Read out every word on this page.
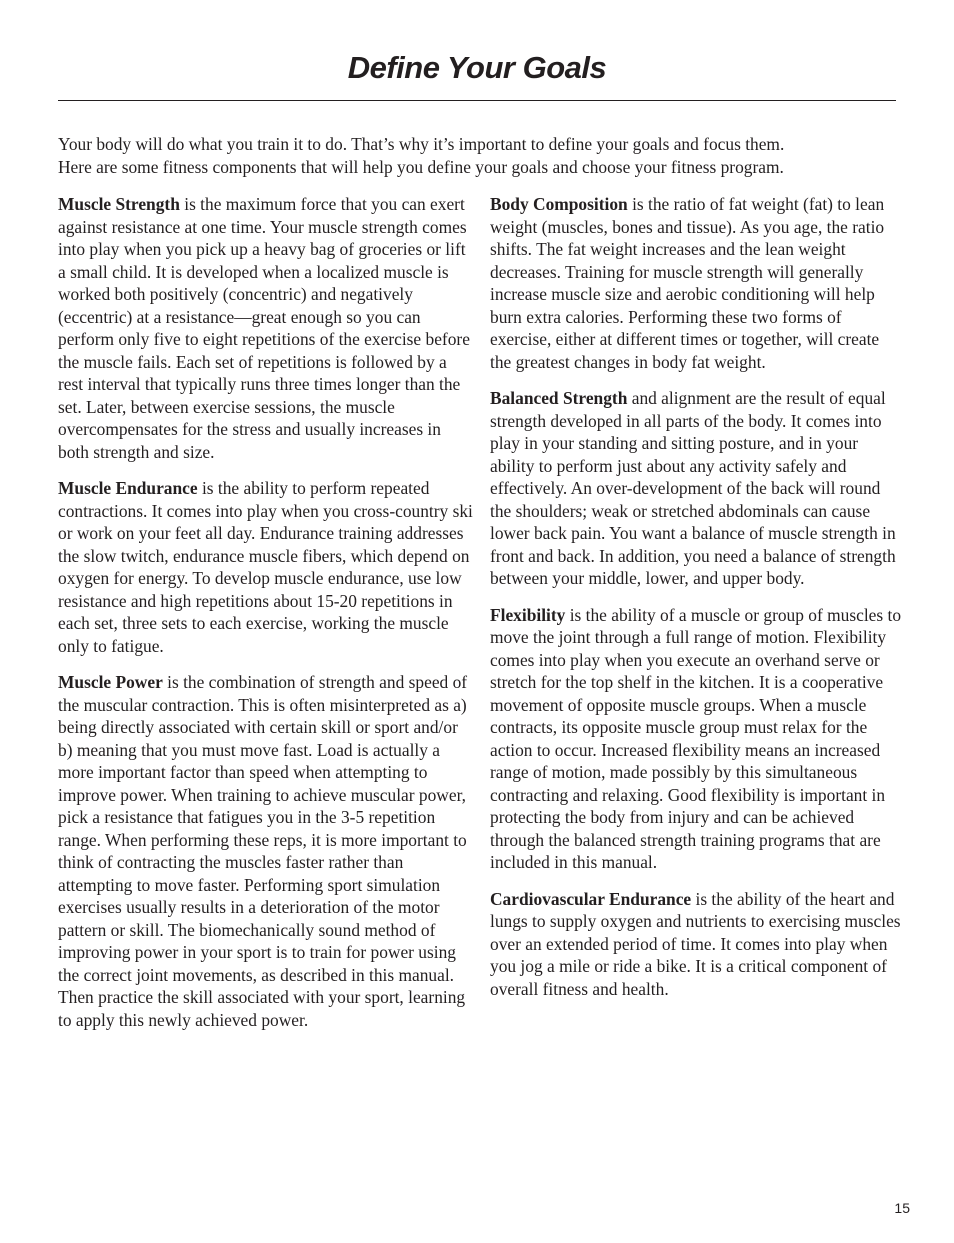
Define Your Goals

Your body will do what you train it to do. That’s why it’s important to define your goals and focus them.
Here are some fitness components that will help you define your goals and choose your fitness program.

Muscle Strength is the maximum force that you can exert against resistance at one time. Your muscle strength comes into play when you pick up a heavy bag of groceries or lift a small child. It is developed when a localized muscle is worked both positively (concentric) and negatively (eccentric) at a resistance—great enough so you can perform only five to eight repetitions of the exercise before the muscle fails. Each set of repetitions is followed by a rest interval that typically runs three times longer than the set. Later, between exercise sessions, the muscle overcompensates for the stress and usually increases in both strength and size.

Muscle Endurance is the ability to perform repeated contractions. It comes into play when you cross-country ski or work on your feet all day. Endurance training addresses the slow twitch, endurance muscle fibers, which depend on oxygen for energy. To develop muscle endurance, use low resistance and high repetitions about 15-20 repetitions in each set, three sets to each exercise, working the muscle only to fatigue.

Muscle Power is the combination of strength and speed of the muscular contraction. This is often misinterpreted as a) being directly associated with certain skill or sport and/or b) meaning that you must move fast. Load is actually a more important factor than speed when attempting to improve power. When training to achieve muscular power, pick a resistance that fatigues you in the 3-5 repetition range. When performing these reps, it is more important to think of contracting the muscles faster rather than attempting to move faster. Performing sport simulation exercises usually results in a deterioration of the motor pattern or skill. The biomechanically sound method of improving power in your sport is to train for power using the correct joint movements, as described in this manual. Then practice the skill associated with your sport, learning to apply this newly achieved power.

Body Composition is the ratio of fat weight (fat) to lean weight (muscles, bones and tissue). As you age, the ratio shifts. The fat weight increases and the lean weight decreases. Training for muscle strength will generally increase muscle size and aerobic conditioning will help burn extra calories. Performing these two forms of exercise, either at different times or together, will create the greatest changes in body fat weight.

Balanced Strength and alignment are the result of equal strength developed in all parts of the body. It comes into play in your standing and sitting posture, and in your ability to perform just about any activity safely and effectively. An over-development of the back will round the shoulders; weak or stretched abdominals can cause lower back pain. You want a balance of muscle strength in front and back. In addition, you need a balance of strength between your middle, lower, and upper body.

Flexibility is the ability of a muscle or group of muscles to move the joint through a full range of motion. Flexibility comes into play when you execute an overhand serve or stretch for the top shelf in the kitchen. It is a cooperative movement of opposite muscle groups. When a muscle contracts, its opposite muscle group must relax for the action to occur. Increased flexibility means an increased range of motion, made possibly by this simultaneous contracting and relaxing. Good flexibility is important in protecting the body from injury and can be achieved through the balanced strength training programs that are included in this manual.

Cardiovascular Endurance is the ability of the heart and lungs to supply oxygen and nutrients to exercising muscles over an extended period of time. It comes into play when you jog a mile or ride a bike. It is a critical component of overall fitness and health.

15
